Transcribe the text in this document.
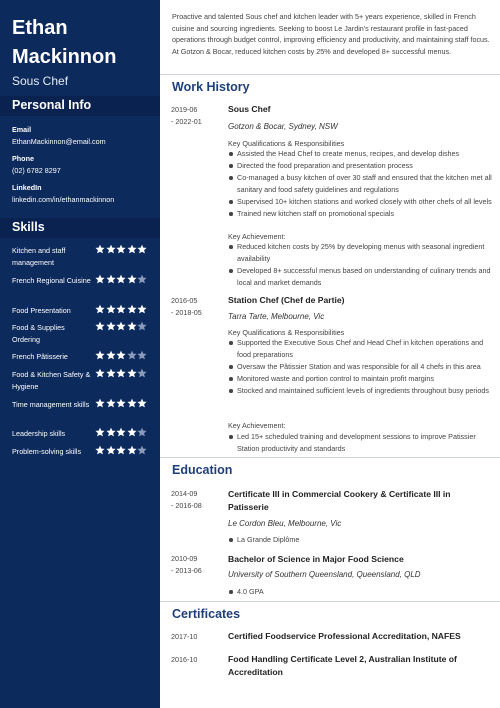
Ethan Mackinnon
Sous Chef
Personal Info
Email
EthanMackinnon@email.com
Phone
(02) 6782 8297
LinkedIn
linkedin.com/in/ethanmackinnon
Skills
Kitchen and staff management
French Regional Cuisine
Food Presentation
Food & Supplies Ordering
French Pâtisserie
Food & Kitchen Safety & Hygiene
Time management skills
Leadership skills
Problem-solving skills
Proactive and talented Sous chef and kitchen leader with 5+ years experience, skilled in French cuisine and sourcing ingredients. Seeking to boost Le Jardin's restaurant profile in fast-paced operations through budget control, improving efficiency and productivity, and maintaining staff focus. At Gotzon & Bocar, reduced kitchen costs by 25% and developed 8+ successful menus.
Work History
2019-06
- 2022-01
Sous Chef
Gotzon & Bocar, Sydney, NSW
Key Qualifications & Responsibilities
Assisted the Head Chef to create menus, recipes, and develop dishes
Directed the food preparation and presentation process
Co-managed a busy kitchen of over 30 staff and ensured that the kitchen met all sanitary and food safety guidelines and regulations
Supervised 10+ kitchen stations and worked closely with other chefs of all levels
Trained new kitchen staff on promotional specials
Key Achievement:
Reduced kitchen costs by 25% by developing menus with seasonal ingredient availability
Developed 8+ successful menus based on understanding of culinary trends and local and market demands
2016-05
- 2018-05
Station Chef (Chef de Partie)
Tarra Tarte, Melbourne, Vic
Key Qualifications & Responsibilities
Supported the Executive Sous Chef and Head Chef in kitchen operations and food preparations
Oversaw the Pâtissier Station and was responsible for all 4 chefs in this area
Monitored waste and portion control to maintain profit margins
Stocked and maintained sufficient levels of ingredients throughout busy periods
Key Achievement:
Led 15+ scheduled training and development sessions to improve Patissier Station productivity and standards
Education
2014-09
- 2016-08
Certificate III in Commercial Cookery & Certificate III in Patisserie
Le Cordon Bleu, Melbourne, Vic
La Grande Diplôme
2010-09
- 2013-06
Bachelor of Science in Major Food Science
University of Southern Queensland, Queensland, QLD
4.0 GPA
Certificates
2017-10	Certified Foodservice Professional Accreditation, NAFES
2016-10	Food Handling Certificate Level 2, Australian Institute of Accreditation
